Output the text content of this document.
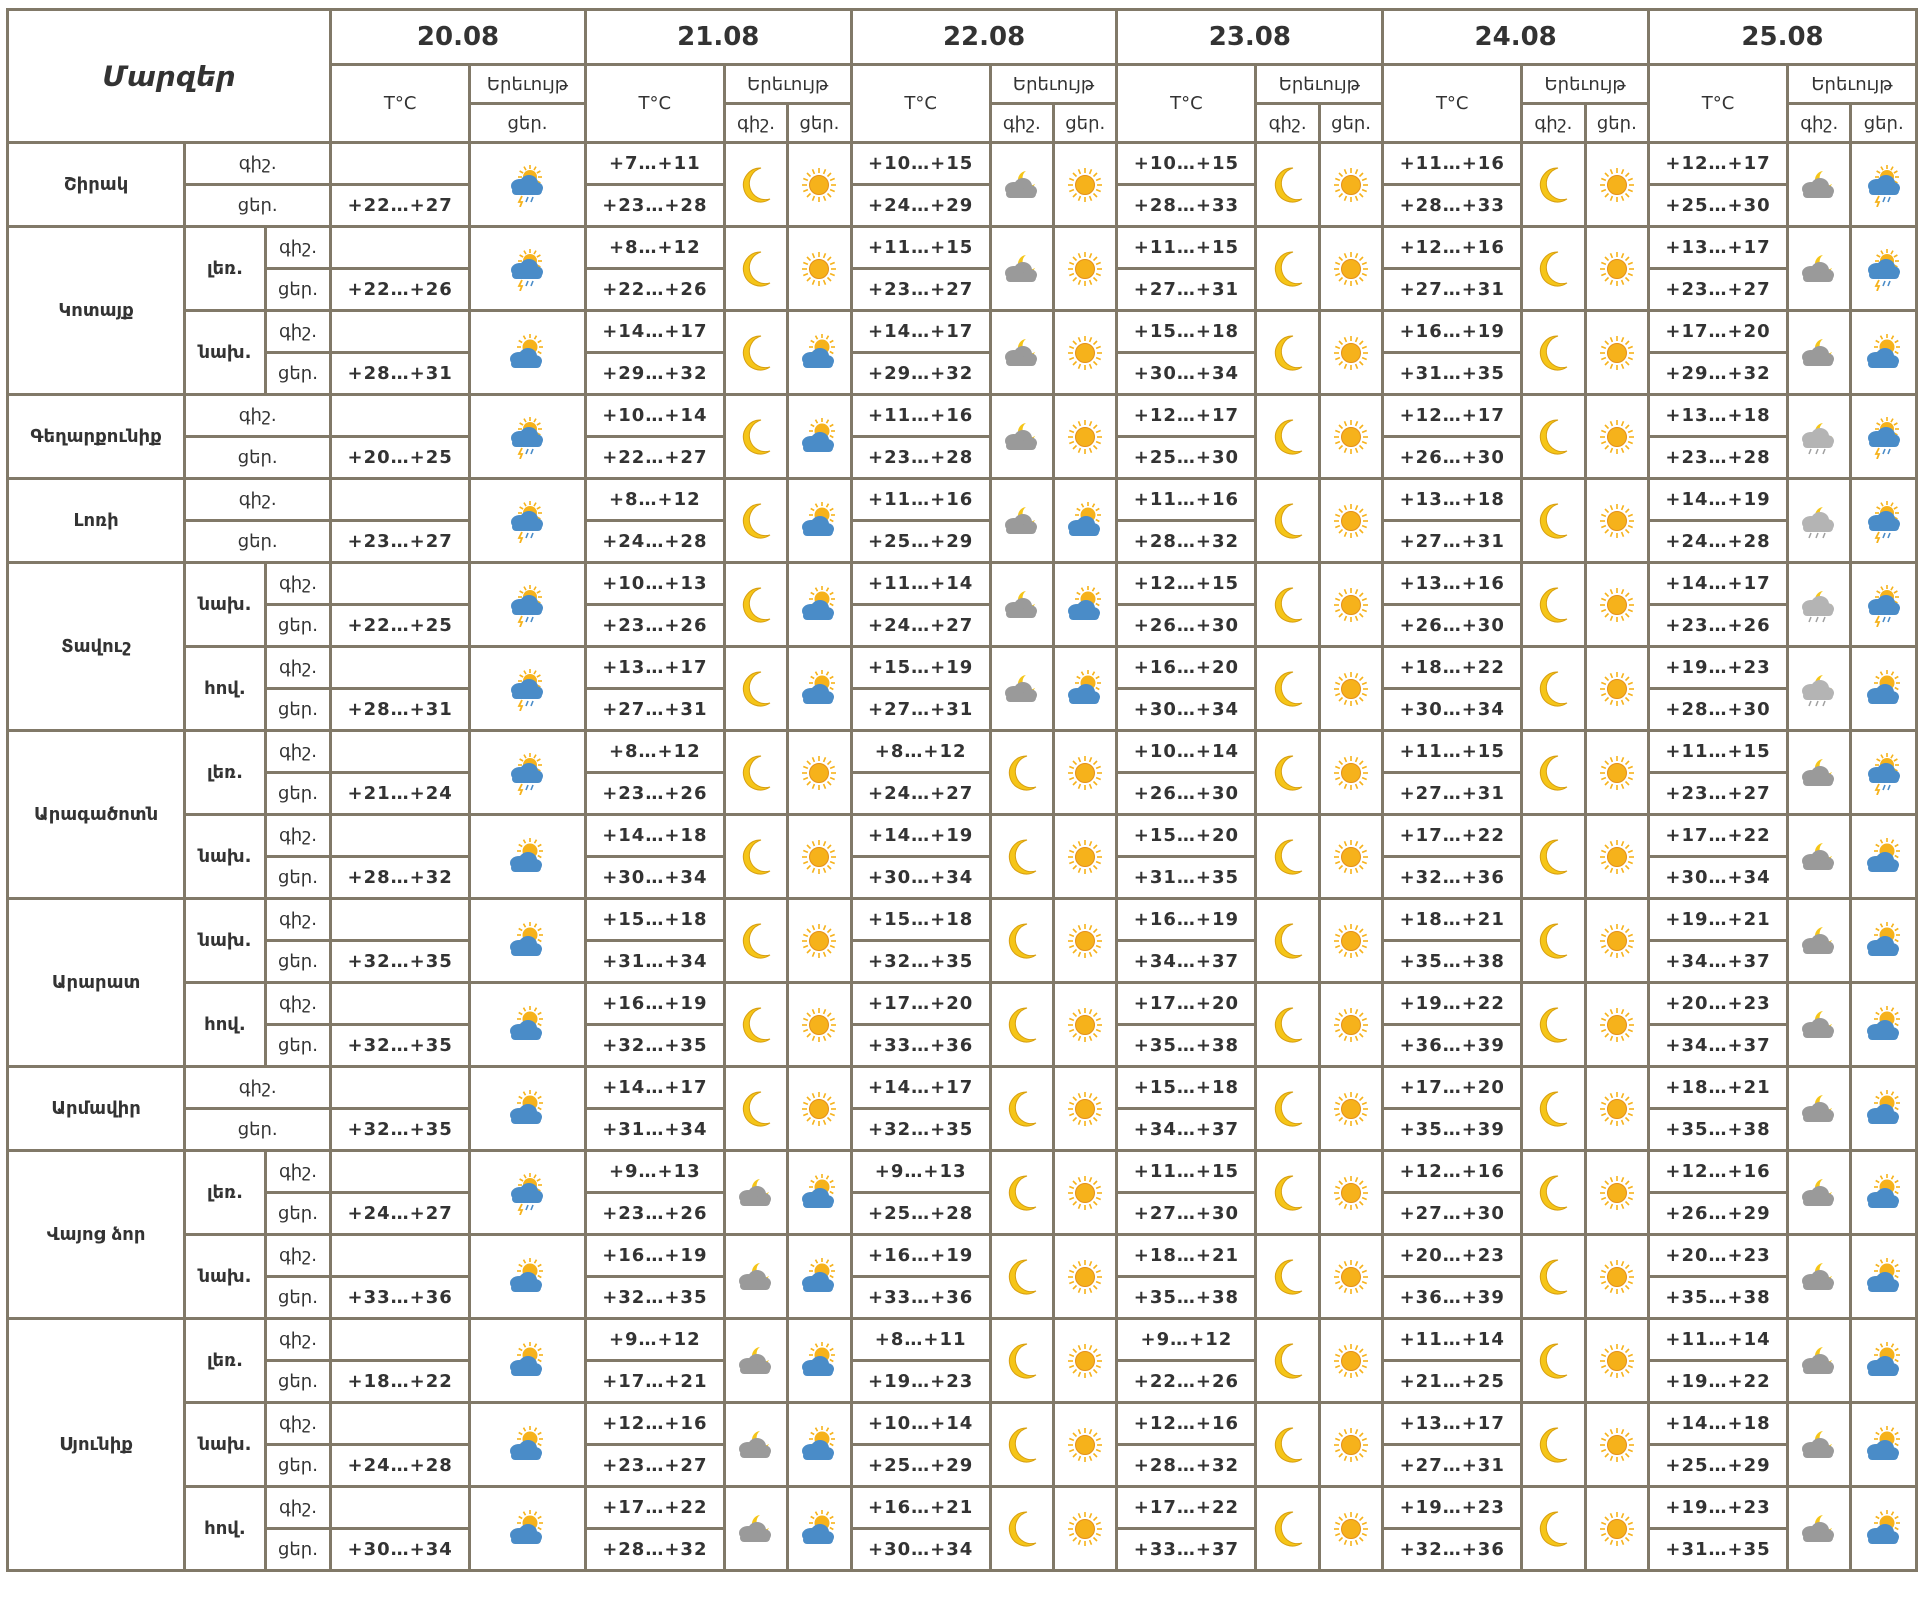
Մարզեր			20.08		21.08			22.08			23.08			24.08			25.08		
			T°C	Երեւույթ	T°C	Երեւույթ		T°C	Երեւույթ		T°C	Երեւույթ		T°C	Երեւույթ		T°C	Երեւույթ	
				ցեր.		գիշ.	ցեր.		գիշ.	ցեր.		գիշ.	ցեր.		գիշ.	ցեր.		գիշ.	ցեր.
Շիրակ	գիշ.				+7…+11			+10…+15			+10…+15			+11…+16			+12…+17	

	ցեր.		+22…+27		+23…+28			+24…+29			+28…+33			+28…+33			+25…+30		
Կոտայք	լեռ.	գիշ.			+8…+12			+11…+15			+11…+15			+12…+16			+13…+17	

		ցեր.	+22…+26		+22…+26			+23…+27			+27…+31			+27…+31			+23…+27		
	նախ.	գիշ.			+14…+17			+14…+17			+15…+18			+16…+19			+17…+20	

		ցեր.	+28…+31		+29…+32			+29…+32			+30…+34			+31…+35			+29…+32		
Գեղարքունիք	գիշ.				+10…+14			+11…+16			+12…+17			+12…+17			+13…+18	

	ցեր.		+20…+25		+22…+27			+23…+28			+25…+30			+26…+30			+23…+28		
Լոռի	գիշ.				+8…+12			+11…+16			+11…+16			+13…+18			+14…+19	

	ցեր.		+23…+27		+24…+28			+25…+29			+28…+32			+27…+31			+24…+28		
Տավուշ	նախ.	գիշ.			+10…+13			+11…+14			+12…+15			+13…+16			+14…+17	

		ցեր.	+22…+25		+23…+26			+24…+27			+26…+30			+26…+30			+23…+26		
	հով.	գիշ.			+13…+17			+15…+19			+16…+20			+18…+22			+19…+23	

		ցեր.	+28…+31		+27…+31			+27…+31			+30…+34			+30…+34			+28…+30		
Արագածոտն	լեռ.	գիշ.			+8…+12			+8…+12			+10…+14			+11…+15			+11…+15	

		ցեր.	+21…+24		+23…+26			+24…+27			+26…+30			+27…+31			+23…+27		
	նախ.	գիշ.			+14…+18			+14…+19			+15…+20			+17…+22			+17…+22	

		ցեր.	+28…+32		+30…+34			+30…+34			+31…+35			+32…+36			+30…+34		
Արարատ	նախ.	գիշ.			+15…+18			+15…+18			+16…+19			+18…+21			+19…+21	

		ցեր.	+32…+35		+31…+34			+32…+35			+34…+37			+35…+38			+34…+37		
	հով.	գիշ.			+16…+19			+17…+20			+17…+20			+19…+22			+20…+23	

		ցեր.	+32…+35		+32…+35			+33…+36			+35…+38			+36…+39			+34…+37		
Արմավիր	գիշ.				+14…+17			+14…+17			+15…+18			+17…+20			+18…+21	

	ցեր.		+32…+35		+31…+34			+32…+35			+34…+37			+35…+39			+35…+38		
Վայոց ձոր	լեռ.	գիշ.			+9…+13			+9…+13			+11…+15			+12…+16			+12…+16	

		ցեր.	+24…+27		+23…+26			+25…+28			+27…+30			+27…+30			+26…+29		
	նախ.	գիշ.			+16…+19			+16…+19			+18…+21			+20…+23			+20…+23	

		ցեր.	+33…+36		+32…+35			+33…+36			+35…+38			+36…+39			+35…+38		
Սյունիք	լեռ.	գիշ.			+9…+12			+8…+11			+9…+12			+11…+14			+11…+14	

		ցեր.	+18…+22		+17…+21			+19…+23			+22…+26			+21…+25			+19…+22		
	նախ.	գիշ.			+12…+16			+10…+14			+12…+16			+13…+17			+14…+18	

		ցեր.	+24…+28		+23…+27			+25…+29			+28…+32			+27…+31			+25…+29		
	հով.	գիշ.			+17…+22			+16…+21			+17…+22			+19…+23			+19…+23	

		ցեր.	+30…+34		+28…+32			+30…+34			+33…+37			+32…+36			+31…+35		
